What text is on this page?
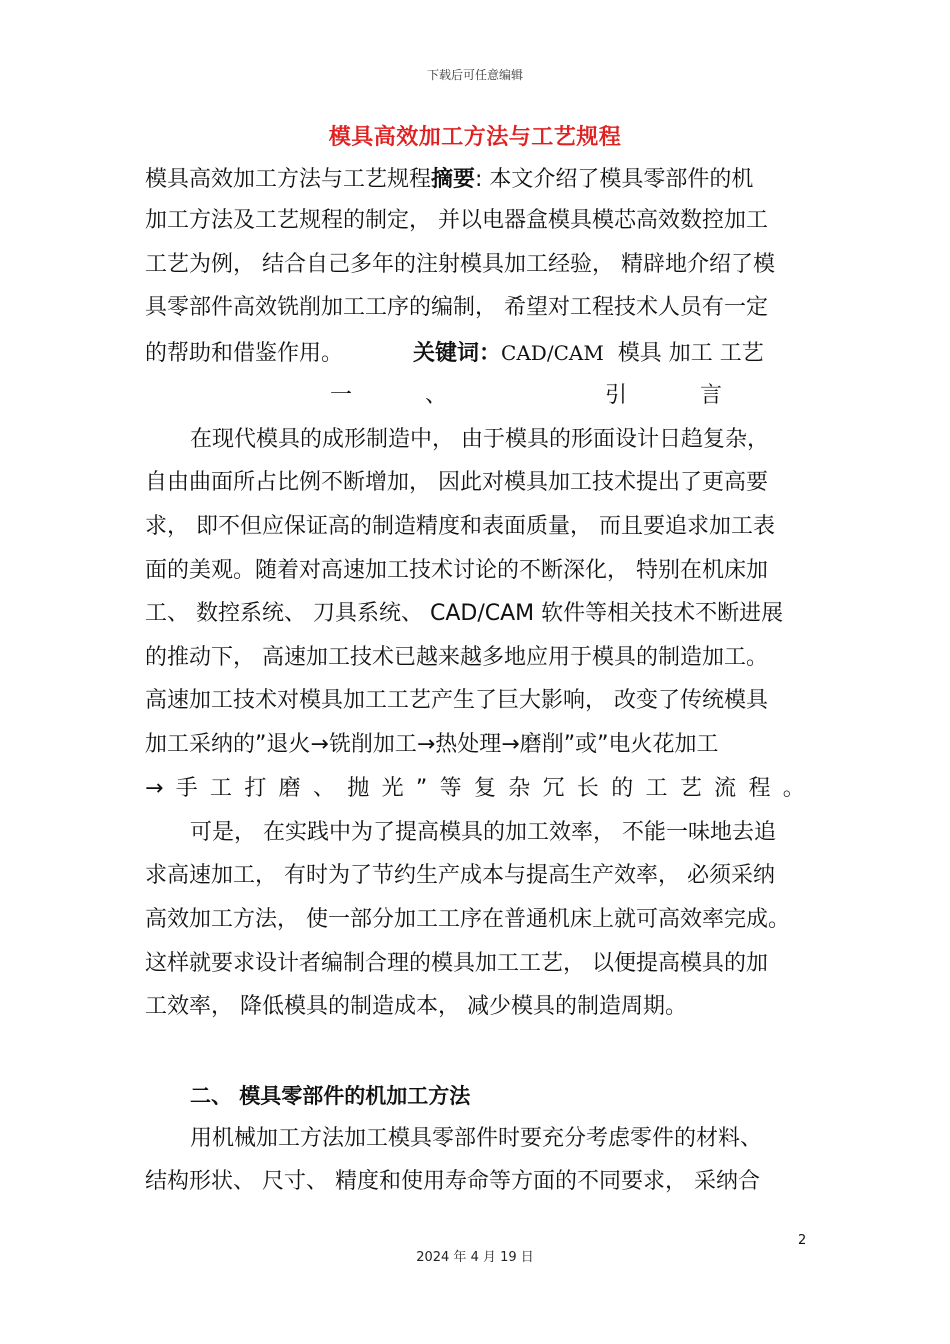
下载后可任意编辑
模具高效加工方法与工艺规程
模具高效加工方法与工艺规程摘要: 本文介绍了模具零部件的机
加工方法及工艺规程的制定， 并以电器盒模具模芯高效数控加工
工艺为例， 结合自己多年的注射模具加工经验， 精辟地介绍了模
具零部件高效铣削加工工序的编制， 希望对工程技术人员有一定
的帮助和借鉴作用。	关键词：CAD/CAM 模具 加工 工艺
一	、	引	言
在现代模具的成形制造中， 由于模具的形面设计日趋复杂，
自由曲面所占比例不断增加， 因此对模具加工技术提出了更高要
求， 即不但应保证高的制造精度和表面质量， 而且要追求加工表
面的美观。随着对高速加工技术讨论的不断深化， 特别在机床加
工、 数控系统、 刀具系统、 CAD/CAM 软件等相关技术不断进展
的推动下， 高速加工技术已越来越多地应用于模具的制造加工。
高速加工技术对模具加工工艺产生了巨大影响， 改变了传统模具
加工采纳的”退火→铣削加工→热处理→磨削”或”电火花加工
→ 手 工 打 磨 、 抛 光 ” 等 复 杂 冗 长 的 工 艺 流 程 。
可是， 在实践中为了提高模具的加工效率， 不能一味地去追
求高速加工， 有时为了节约生产成本与提高生产效率， 必须采纳
高效加工方法， 使一部分加工工序在普通机床上就可高效率完成。
这样就要求设计者编制合理的模具加工工艺， 以便提高模具的加
工效率， 降低模具的制造成本， 减少模具的制造周期。
二、 模具零部件的机加工方法
用机械加工方法加工模具零部件时要充分考虑零件的材料、
结构形状、 尺寸、 精度和使用寿命等方面的不同要求， 采纳合
2
2024 年 4 月 19 日
